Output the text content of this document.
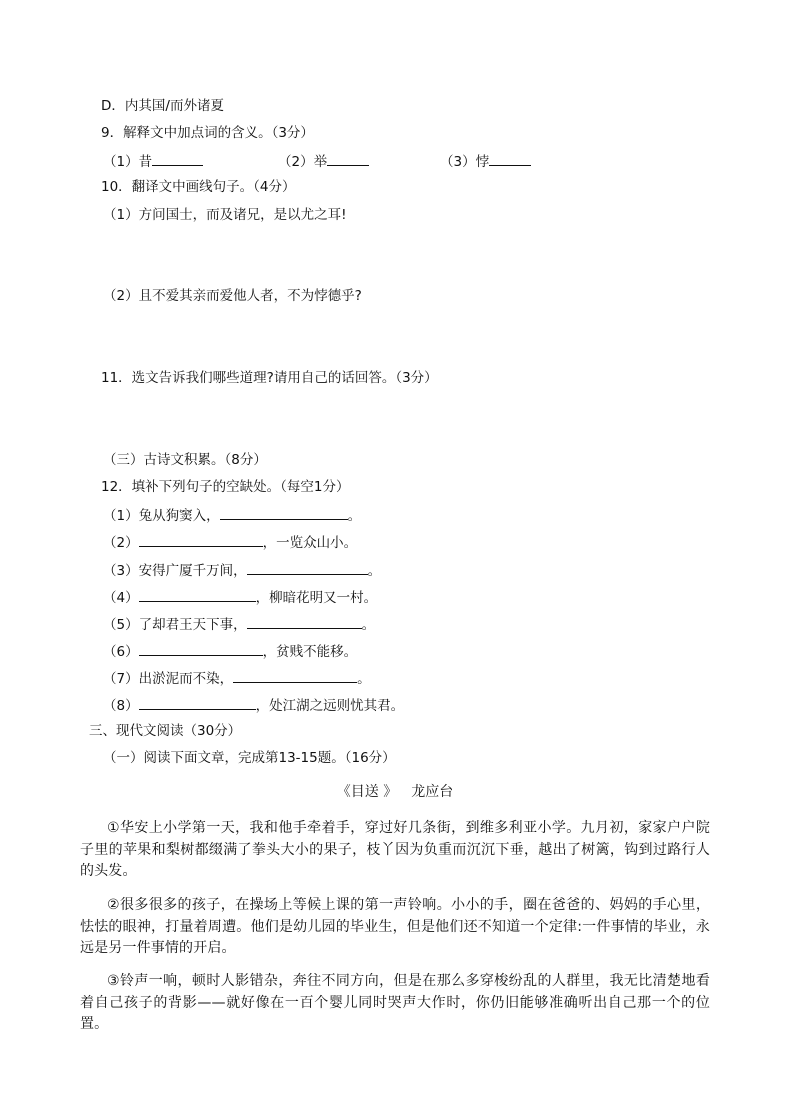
D．内其国/而外诸夏
9．解释文中加点词的含义。（3分）
（1）昔	（2）举	（3）悖
10．翻译文中画线句子。（4分）
（1）方问国士，而及诸兄，是以尤之耳!
（2）且不爱其亲而爱他人者，不为悖德乎?
11．选文告诉我们哪些道理?请用自己的话回答。（3分）
（三）古诗文积累。（8分）
12．填补下列句子的空缺处。（每空1分）
（1）兔从狗窦入，	。
（2）	，一览众山小。
（3）安得广厦千万间，	。
（4）	，柳暗花明又一村。
（5）了却君王天下事，	。
（6）	，贫贱不能移。
（7）出淤泥而不染，	。
（8）	，处江湖之远则忧其君。
三、现代文阅读（30分）
（一）阅读下面文章，完成第13-15题。（16分）
《目送 》 龙应台
①华安上小学第一天，我和他手牵着手，穿过好几条街，到维多利亚小学。九月初，家家户户院子里的苹果和梨树都缀满了拳头大小的果子，枝丫因为负重而沉沉下垂，越出了树篱，钩到过路行人的头发。
②很多很多的孩子，在操场上等候上课的第一声铃响。小小的手，圈在爸爸的、妈妈的手心里，怯怯的眼神，打量着周遭。他们是幼儿园的毕业生，但是他们还不知道一个定律:一件事情的毕业，永远是另一件事情的开启。
③铃声一响，顿时人影错杂，奔往不同方向，但是在那么多穿梭纷乱的人群里，我无比清楚地看着自己孩子的背影——就好像在一百个婴儿同时哭声大作时，你仍旧能够准确听出自己那一个的位置。
